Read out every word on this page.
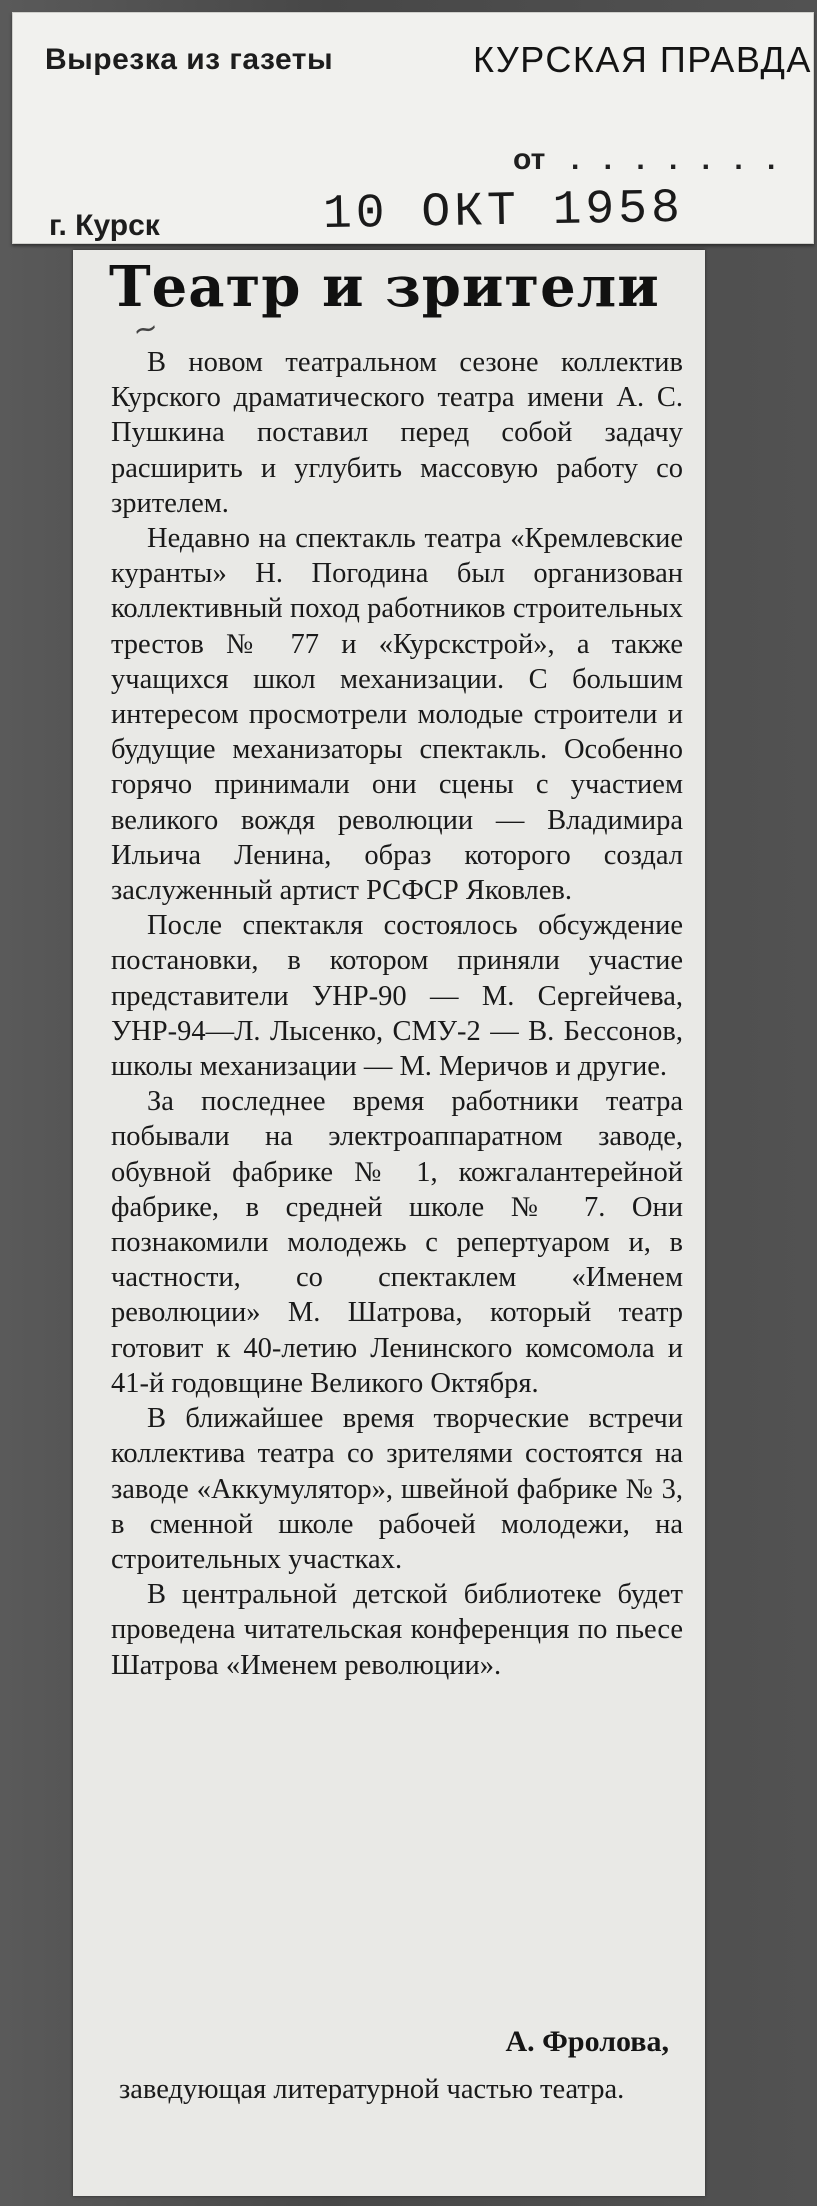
Вырезка из газеты	КУРСКАЯ ПРАВДА
от . . . . . . .
г. Курск	10 ОКТ 1958
∼
Театр и зрители

В новом театральном сезоне коллектив Курского драматического театра имени А. С. Пушкина поставил перед собой задачу расширить и углубить массовую работу со зрителем.

Недавно на спектакль театра «Кремлевские куранты» Н. Погодина был организован коллективный поход работников строительных трестов № 77 и «Курскстрой», а также учащихся школ механизации. С большим интересом просмотрели молодые строители и будущие механизаторы спектакль. Особенно горячо принимали они сцены с участием великого вождя революции — Владимира Ильича Ленина, образ которого создал заслуженный артист РСФСР Яковлев.

После спектакля состоялось обсуждение постановки, в котором приняли участие представители УНР-90 — М. Сергейчева, УНР-94—Л. Лысенко, СМУ-2 — В. Бессонов, школы механизации — М. Меричов и другие.

За последнее время работники театра побывали на электроаппаратном заводе, обувной фабрике № 1, кожгалантерейной фабрике, в средней школе № 7. Они познакомили молодежь с репертуаром и, в частности, со спектаклем «Именем революции» М. Шатрова, который театр готовит к 40-летию Ленинского комсомола и 41-й годовщине Великого Октября.

В ближайшее время творческие встречи коллектива театра со зрителями состоятся на заводе «Аккумулятор», швейной фабрике № 3, в сменной школе рабочей молодежи, на строительных участках.

В центральной детской библиотеке будет проведена читательская конференция по пьесе Шатрова «Именем революции».

А. Фролова,
заведующая литературной частью театра.
